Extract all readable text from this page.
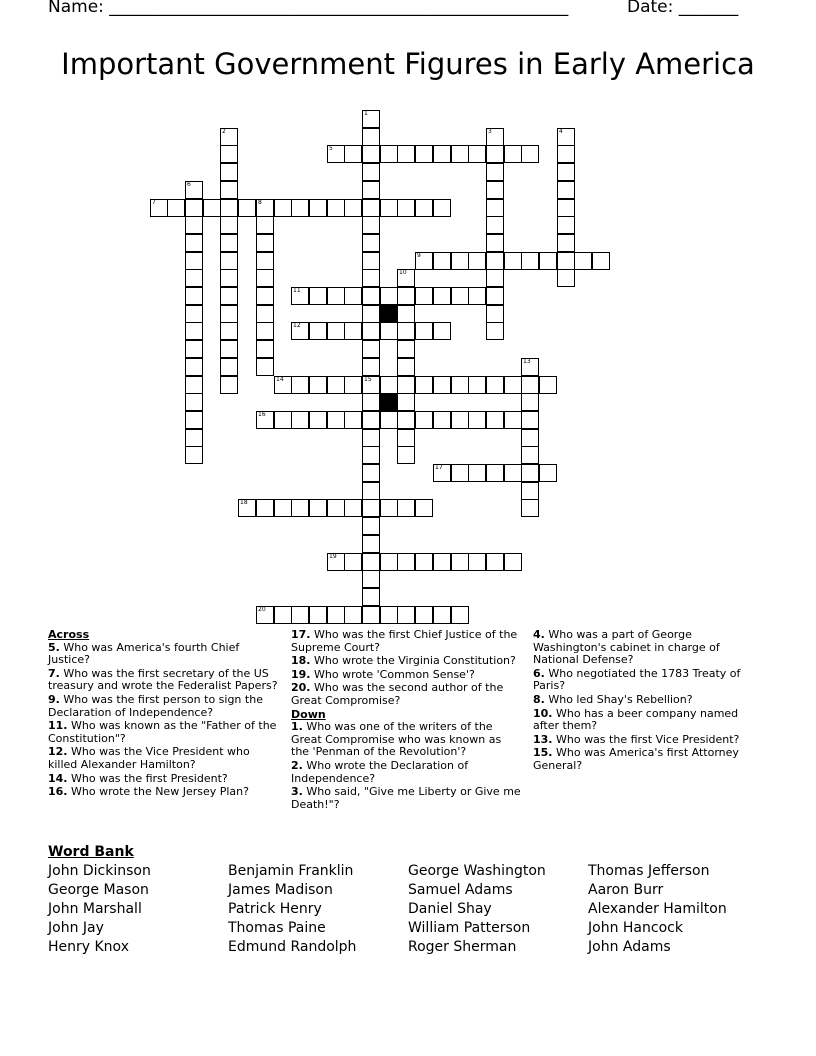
Name: ______________________________________________________	Date: _______
Important Government Figures in Early America
1
2	3	4
5
6
7	8
9
10
11
12
13
14	15
16
17
18
19
20
Across
5. Who was America's fourth Chief Justice?
7. Who was the first secretary of the US treasury and wrote the Federalist Papers?
9. Who was the first person to sign the Declaration of Independence?
11. Who was known as the "Father of the Constitution"?
12. Who was the Vice President who killed Alexander Hamilton?
14. Who was the first President?
16. Who wrote the New Jersey Plan?
17. Who was the first Chief Justice of the Supreme Court?
18. Who wrote the Virginia Constitution?
19. Who wrote 'Common Sense'?
20. Who was the second author of the Great Compromise?
Down
1. Who was one of the writers of the Great Compromise who was known as the 'Penman of the Revolution'?
2. Who wrote the Declaration of Independence?
3. Who said, "Give me Liberty or Give me Death!"?
4. Who was a part of George Washington's cabinet in charge of National Defense?
6. Who negotiated the 1783 Treaty of Paris?
8. Who led Shay's Rebellion?
10. Who has a beer company named after them?
13. Who was the first Vice President?
15. Who was America's first Attorney General?
Word Bank
John Dickinson
George Mason
John Marshall
John Jay
Henry Knox
Benjamin Franklin
James Madison
Patrick Henry
Thomas Paine
Edmund Randolph
George Washington
Samuel Adams
Daniel Shay
William Patterson
Roger Sherman
Thomas Jefferson
Aaron Burr
Alexander Hamilton
John Hancock
John Adams
